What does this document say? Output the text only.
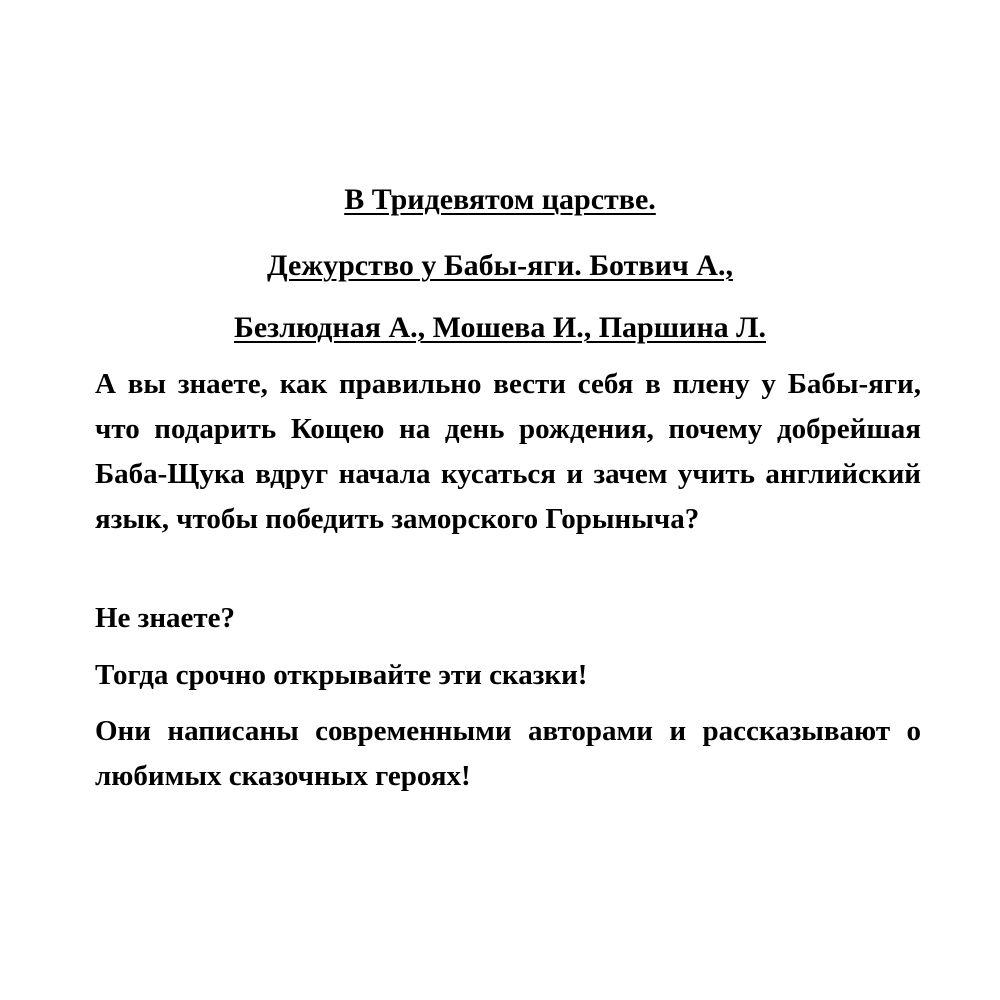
В Тридевятом царстве.
Дежурство у Бабы-яги. Ботвич А.,
Безлюдная А., Мошева И., Паршина Л.

А вы знаете, как правильно вести себя в плену у Бабы-яги, что подарить Кощею на день рождения, почему добрейшая Баба-Щука вдруг начала кусаться и зачем учить английский язык, чтобы победить заморского Горыныча?

Не знаете?

Тогда срочно открывайте эти сказки!

Они написаны современными авторами и рассказывают о любимых сказочных героях!
